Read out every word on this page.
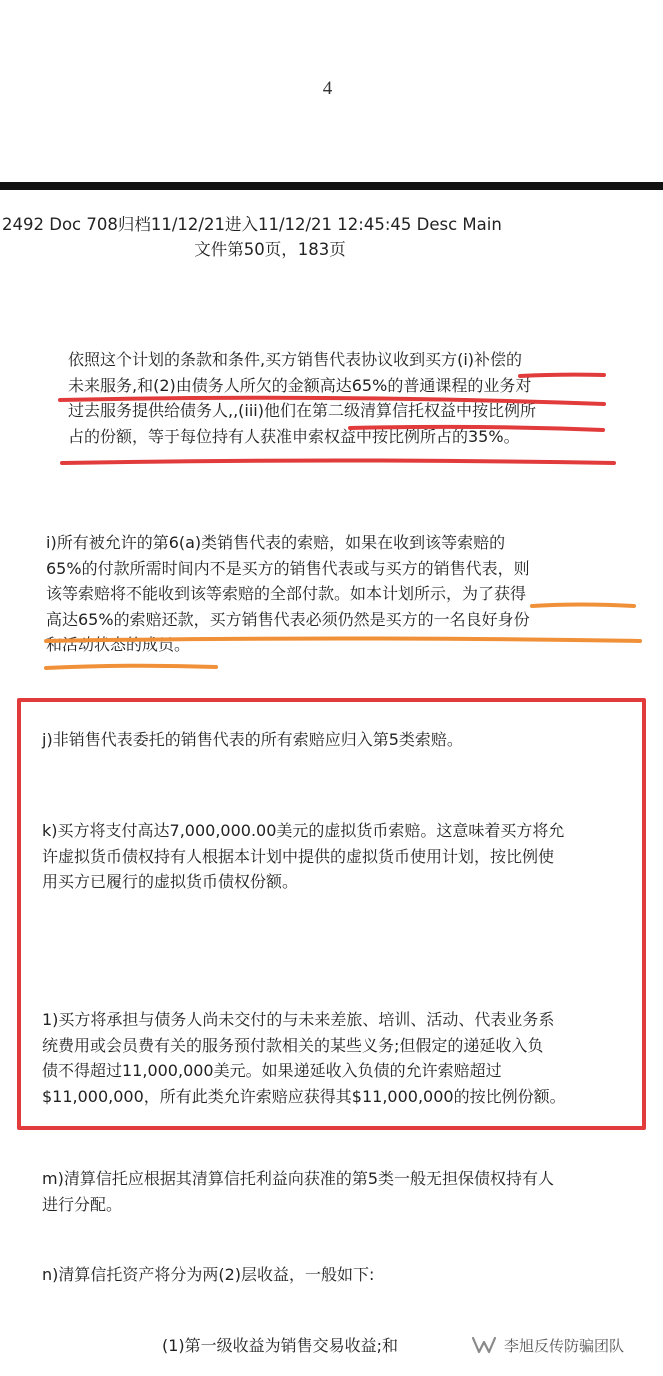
4
2492 Doc 708归档11/12/21进入11/12/21 12:45:45 Desc Main
文件第50页，183页
依照这个计划的条款和条件,买方销售代表协议收到买方(i)补偿的
未来服务,和(2)由债务人所欠的金额高达65%的普通课程的业务对
过去服务提供给债务人,,(iii)他们在第二级清算信托权益中按比例所
占的份额，等于每位持有人获准申索权益中按比例所占的35%。
i)所有被允许的第6(a)类销售代表的索赔，如果在收到该等索赔的
65%的付款所需时间内不是买方的销售代表或与买方的销售代表，则
该等索赔将不能收到该等索赔的全部付款。如本计划所示，为了获得
高达65%的索赔还款，买方销售代表必须仍然是买方的一名良好身份
和活动状态的成员。
j)非销售代表委托的销售代表的所有索赔应归入第5类索赔。
k)买方将支付高达7,000,000.00美元的虚拟货币索赔。这意味着买方将允
许虚拟货币债权持有人根据本计划中提供的虚拟货币使用计划，按比例使
用买方已履行的虚拟货币债权份额。
1)买方将承担与债务人尚未交付的与未来差旅、培训、活动、代表业务系
统费用或会员费有关的服务预付款相关的某些义务;但假定的递延收入负
债不得超过11,000,000美元。如果递延收入负债的允许索赔超过
$11,000,000，所有此类允许索赔应获得其$11,000,000的按比例份额。
m)清算信托应根据其清算信托利益向获准的第5类一般无担保债权持有人
进行分配。
n)清算信托资产将分为两(2)层收益，一般如下:
(1)第一级收益为销售交易收益;和	李旭反传防骗团队
